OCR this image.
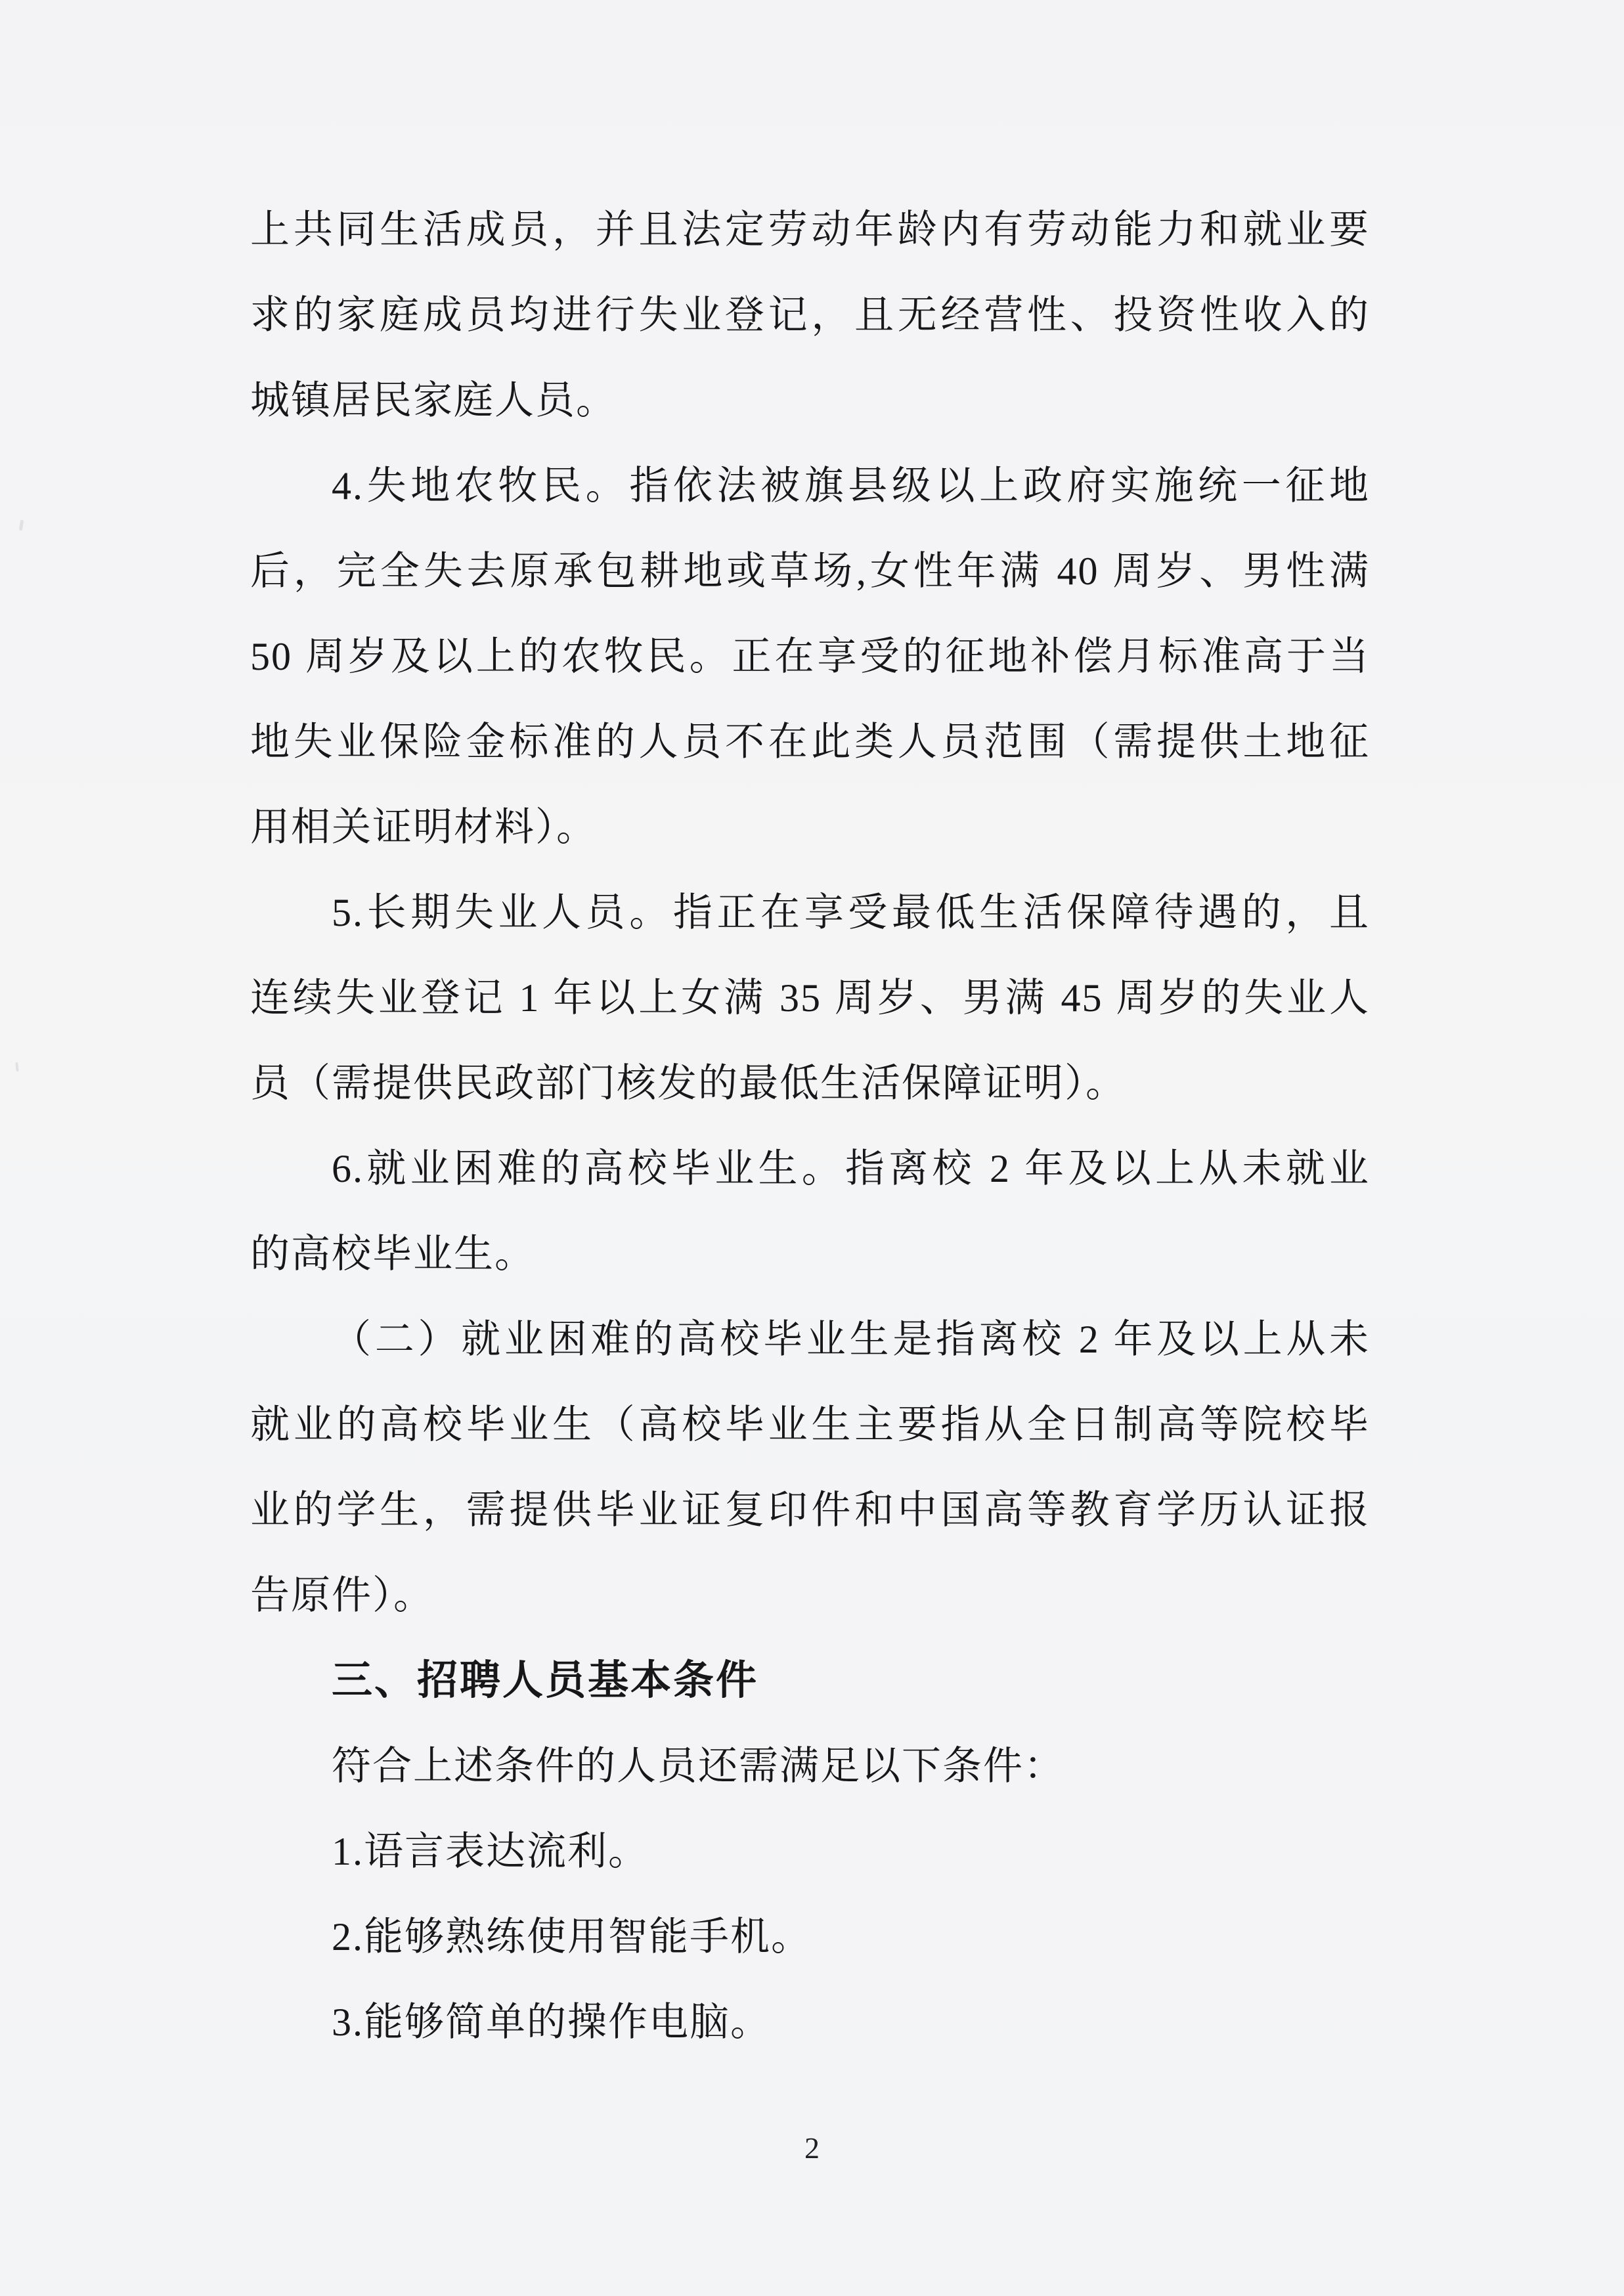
上共同生活成员，并且法定劳动年龄内有劳动能力和就业要
求的家庭成员均进行失业登记，且无经营性、投资性收入的
城镇居民家庭人员。
4.失地农牧民。指依法被旗县级以上政府实施统一征地
后，完全失去原承包耕地或草场,女性年满 40 周岁、男性满
50 周岁及以上的农牧民。正在享受的征地补偿月标准高于当
地失业保险金标准的人员不在此类人员范围（需提供土地征
用相关证明材料）。
5.长期失业人员。指正在享受最低生活保障待遇的，且
连续失业登记 1 年以上女满 35 周岁、男满 45 周岁的失业人
员（需提供民政部门核发的最低生活保障证明）。
6.就业困难的高校毕业生。指离校 2 年及以上从未就业
的高校毕业生。
（二）就业困难的高校毕业生是指离校 2 年及以上从未
就业的高校毕业生（高校毕业生主要指从全日制高等院校毕
业的学生，需提供毕业证复印件和中国高等教育学历认证报
告原件）。
三、招聘人员基本条件
符合上述条件的人员还需满足以下条件：
1.语言表达流利。
2.能够熟练使用智能手机。
3.能够简单的操作电脑。
2
